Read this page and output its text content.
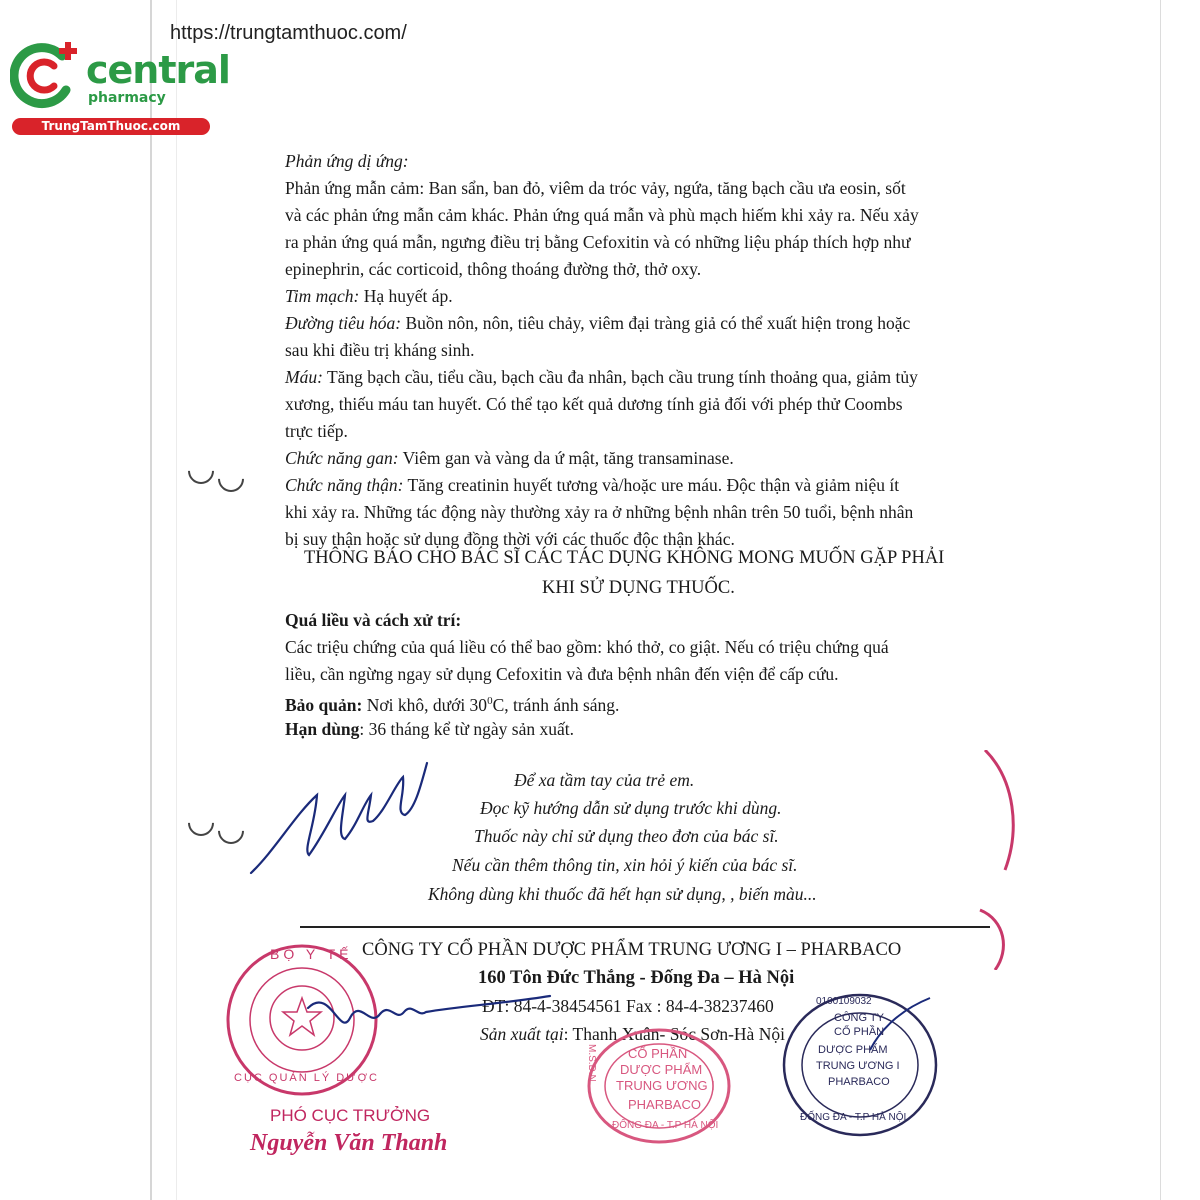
https://trungtamthuoc.com/
central
pharmacy
TrungTamThuoc.com
Phản ứng dị ứng:
Phản ứng mẫn cảm: Ban sẩn, ban đỏ, viêm da tróc vảy, ngứa, tăng bạch cầu ưa eosin, sốt
và các phản ứng mẫn cảm khác. Phản ứng quá mẫn và phù mạch hiếm khi xảy ra. Nếu xảy
ra phản ứng quá mẫn, ngưng điều trị bằng Cefoxitin và có những liệu pháp thích hợp như
epinephrin, các corticoid, thông thoáng đường thở, thở oxy.
Tim mạch: Hạ huyết áp.
Đường tiêu hóa: Buồn nôn, nôn, tiêu chảy, viêm đại tràng giả có thể xuất hiện trong hoặc
sau khi điều trị kháng sinh.
Máu: Tăng bạch cầu, tiểu cầu, bạch cầu đa nhân, bạch cầu trung tính thoảng qua, giảm tủy
xương, thiếu máu tan huyết. Có thể tạo kết quả dương tính giả đối với phép thử Coombs
trực tiếp.
Chức năng gan: Viêm gan và vàng da ứ mật, tăng transaminase.
Chức năng thận: Tăng creatinin huyết tương và/hoặc ure máu. Độc thận và giảm niệu ít
khi xảy ra. Những tác động này thường xảy ra ở những bệnh nhân trên 50 tuổi, bệnh nhân
bị suy thận hoặc sử dụng đồng thời với các thuốc độc thận khác.
THÔNG BÁO CHO BÁC SĨ CÁC TÁC DỤNG KHÔNG MONG MUỐN GẶP PHẢI
KHI SỬ DỤNG THUỐC.
Quá liều và cách xử trí:
Các triệu chứng của quá liều có thể bao gồm: khó thở, co giật. Nếu có triệu chứng quá
liều, cần ngừng ngay sử dụng Cefoxitin và đưa bệnh nhân đến viện để cấp cứu.
Bảo quản: Nơi khô, dưới $30^0C$, tránh ánh sáng.
Hạn dùng: 36 tháng kể từ ngày sản xuất.
Để xa tầm tay của trẻ em.
Đọc kỹ hướng dẫn sử dụng trước khi dùng.
Thuốc này chỉ sử dụng theo đơn của bác sĩ.
Nếu cần thêm thông tin, xin hỏi ý kiến của bác sĩ.
Không dùng khi thuốc đã hết hạn sử dụng, , biến màu...
CÔNG TY CỔ PHẦN DƯỢC PHẨM TRUNG ƯƠNG I – PHARBACO
160 Tôn Đức Thắng - Đống Đa – Hà Nội
ĐT: 84-4-38454561 Fax : 84-4-38237460
Sản xuất tại: Thanh Xuân- Sóc Sơn-Hà Nội
BỘ Y TẾ
CỤC QUẢN LÝ DƯỢC
CỔ PHẦN
DƯỢC PHẨM
TRUNG ƯƠNG I
PHARBACO
M.S.D.N
ĐỐNG ĐA - T.P HÀ NỘI
0100109032
CÔNG TY
CỔ PHẦN
DƯỢC PHẨM
TRUNG ƯƠNG I
PHARBACO
ĐỐNG ĐA - T.P HÀ NỘI
PHÓ CỤC TRƯỞNG
Nguyễn Văn Thanh
